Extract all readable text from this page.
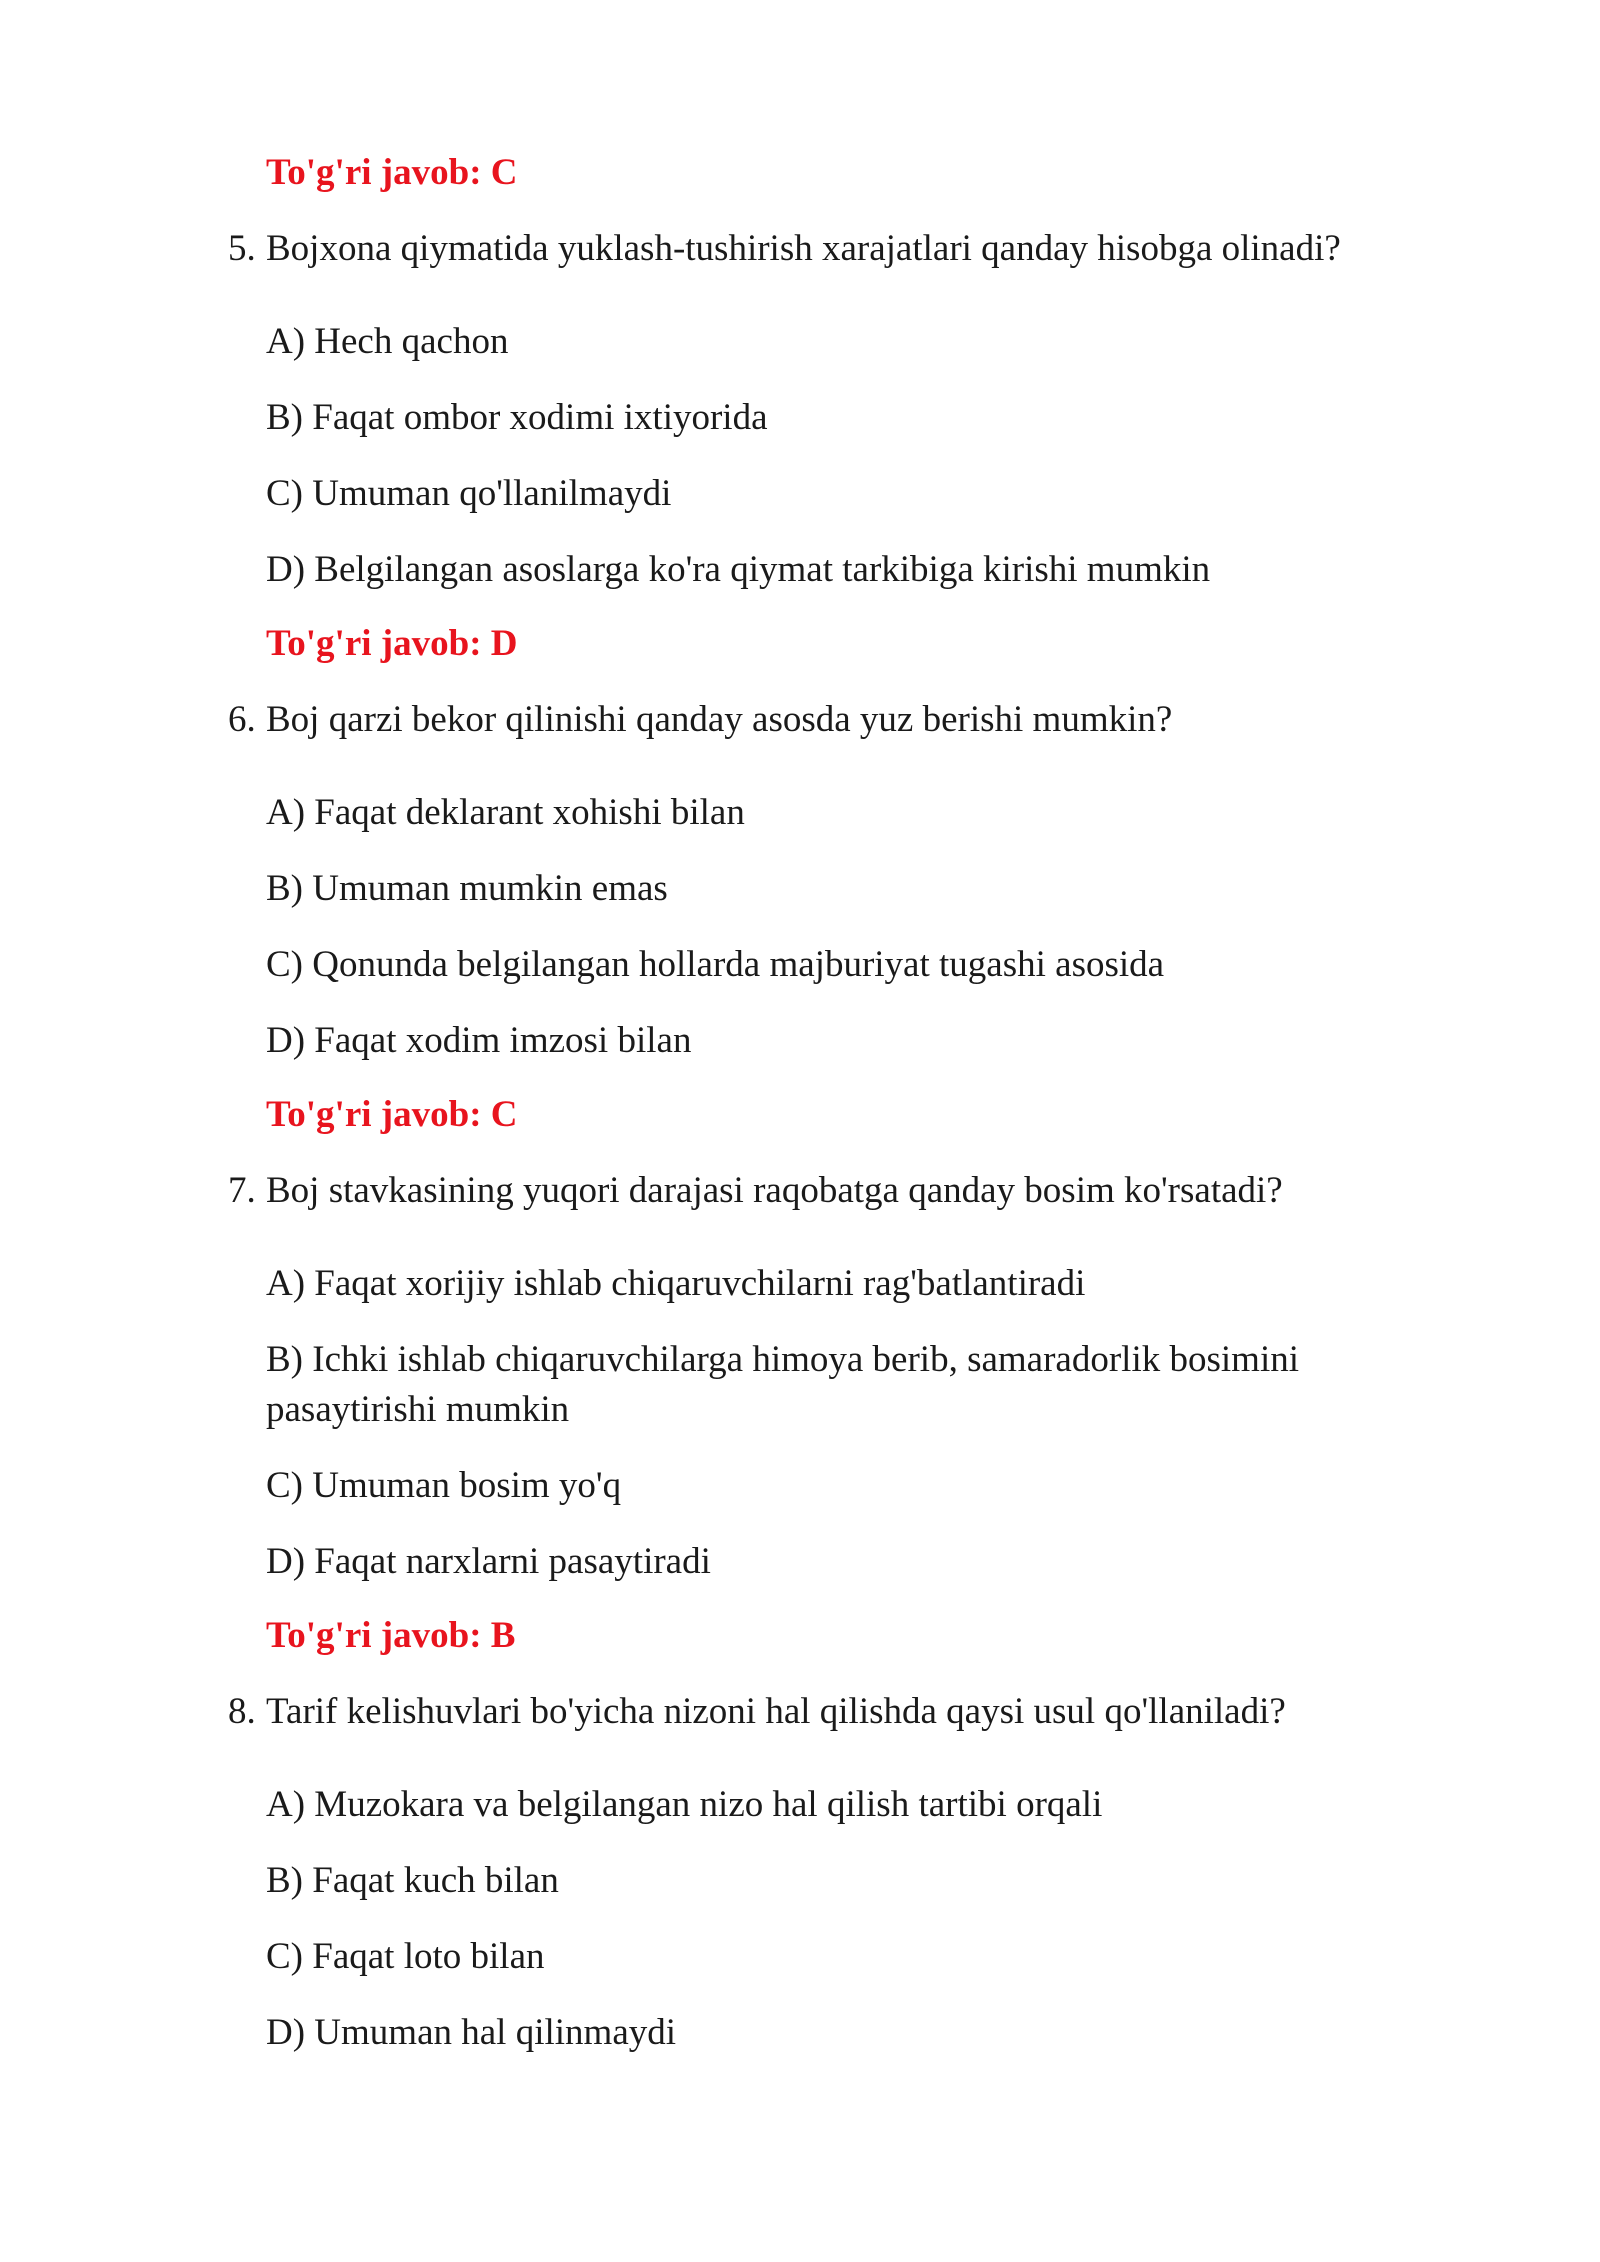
To'g'ri javob: C
5. Bojxona qiymatida yuklash-tushirish xarajatlari qanday hisobga olinadi?
A) Hech qachon
B) Faqat ombor xodimi ixtiyorida
C) Umuman qo'llanilmaydi
D) Belgilangan asoslarga ko'ra qiymat tarkibiga kirishi mumkin
To'g'ri javob: D
6. Boj qarzi bekor qilinishi qanday asosda yuz berishi mumkin?
A) Faqat deklarant xohishi bilan
B) Umuman mumkin emas
C) Qonunda belgilangan hollarda majburiyat tugashi asosida
D) Faqat xodim imzosi bilan
To'g'ri javob: C
7. Boj stavkasining yuqori darajasi raqobatga qanday bosim ko'rsatadi?
A) Faqat xorijiy ishlab chiqaruvchilarni rag'batlantiradi
B) Ichki ishlab chiqaruvchilarga himoya berib, samaradorlik bosimini pasaytirishi mumkin
C) Umuman bosim yo'q
D) Faqat narxlarni pasaytiradi
To'g'ri javob: B
8. Tarif kelishuvlari bo'yicha nizoni hal qilishda qaysi usul qo'llaniladi?
A) Muzokara va belgilangan nizo hal qilish tartibi orqali
B) Faqat kuch bilan
C) Faqat loto bilan
D) Umuman hal qilinmaydi
